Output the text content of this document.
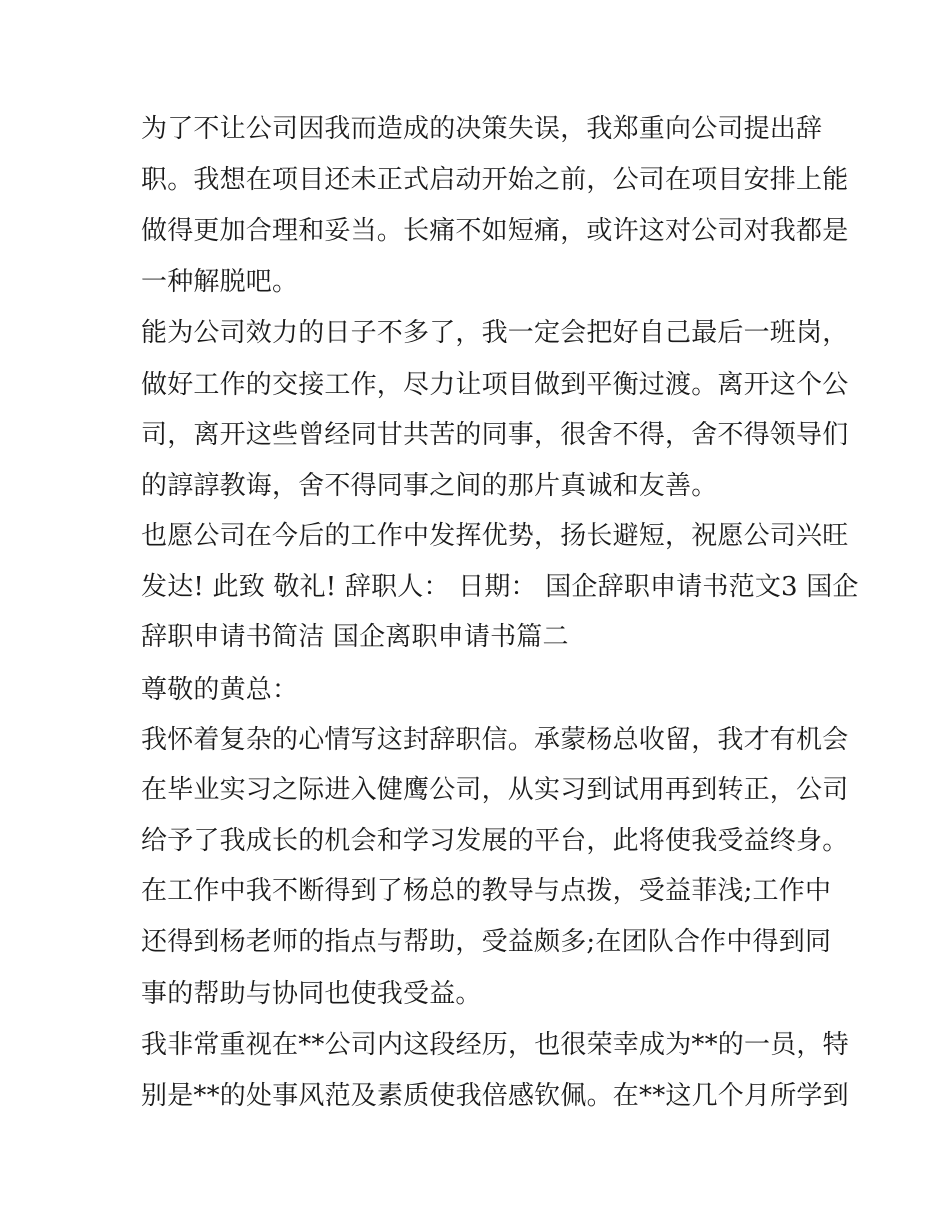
为了不让公司因我而造成的决策失误，我郑重向公司提出辞
职。我想在项目还未正式启动开始之前，公司在项目安排上能
做得更加合理和妥当。长痛不如短痛，或许这对公司对我都是
一种解脱吧。
能为公司效力的日子不多了，我一定会把好自己最后一班岗，
做好工作的交接工作，尽力让项目做到平衡过渡。离开这个公
司，离开这些曾经同甘共苦的同事，很舍不得，舍不得领导们
的諄諄教诲，舍不得同事之间的那片真诚和友善。
也愿公司在今后的工作中发挥优势，扬长避短，祝愿公司兴旺
发达! 此致 敬礼! 辞职人： 日期： 国企辞职申请书范文3 国企
辞职申请书简洁 国企离职申请书篇二
尊敬的黄总：
我怀着复杂的心情写这封辞职信。承蒙杨总收留，我才有机会
在毕业实习之际进入健鹰公司，从实习到试用再到转正，公司
给予了我成长的机会和学习发展的平台，此将使我受益终身。
在工作中我不断得到了杨总的教导与点拨，受益菲浅;工作中
还得到杨老师的指点与帮助，受益颇多;在团队合作中得到同
事的帮助与协同也使我受益。
我非常重视在**公司内这段经历，也很荣幸成为**的一员，特
别是**的处事风范及素质使我倍感钦佩。在**这几个月所学到
